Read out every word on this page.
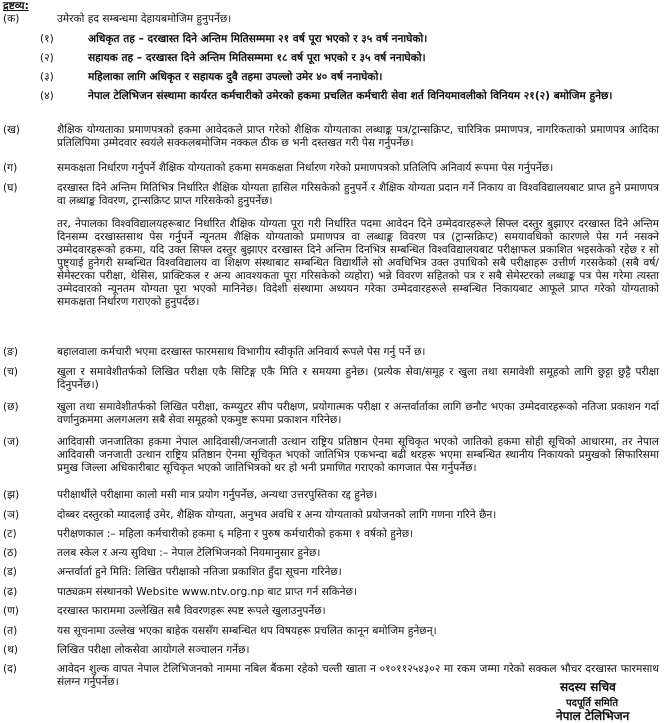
द्रष्टव्य:
(क)	उमेरको हद सम्बन्धमा देहायबमोजिम हुनुपर्नेछ।
(१)	अधिकृत तह – दरखास्त दिने अन्तिम मितिसम्ममा २१ वर्ष पूरा भएको र ३५ वर्ष ननाघेको।
(२)	सहायक तह – दरखास्त दिने अन्तिम मितिसम्ममा १८ वर्ष पूरा भएको र ३५ वर्ष ननाघेको।
(३)	महिलाका लागि अधिकृत र सहायक दुवै तहमा उपल्लो उमेर ४० वर्ष ननाघेको।
(४)	नेपाल टेलिभिजन संस्थामा कार्यरत कर्मचारीको उमेरको हकमा प्रचलित कर्मचारी सेवा शर्त विनियमावलीको विनियम २१(२) बमोजिम हुनेछ।
(ख)	शैक्षिक योग्यताका प्रमाणपत्रको हकमा आवेदकले प्राप्त गरेको शैक्षिक योग्यताका लब्धाङ्क पत्र/ट्रान्सक्रिप्ट, चारित्रिक प्रमाणपत्र, नागरिकताको प्रमाणपत्र आदिका प्रतिलिपिमा उम्मेदवार स्वयंले सक्कलबमोजिम नक्कल ठीक छ भनी दस्तखत गरी पेस गर्नुपर्नेछ।
(ग)	समकक्षता निर्धारण गर्नुपर्ने शैक्षिक योग्यताको हकमा समकक्षता निर्धारण गरेको प्रमाणपत्रको प्रतिलिपि अनिवार्य रूपमा पेस गर्नुपर्नेछ।
(घ)	दरखास्त दिने अन्तिम मितिभित्र निर्धारित शैक्षिक योग्यता हासिल गरिसकेको हुनुपर्ने र शैक्षिक योग्यता प्रदान गर्ने निकाय वा विश्वविद्यालयबाट प्राप्त हुने प्रमाणपत्र वा लब्धाङ्क विवरण, ट्रान्सक्रिप्ट प्राप्त गरिसकेको हुनुपर्नेछ।
तर, नेपालका विश्वविद्यालयहरूबाट निर्धारित शैक्षिक योग्यता पूरा गरी निर्धारित पदमा आवेदन दिने उम्मेदवारहरूले सिफ्ल दस्तुर बुझाएर दरखास्त दिने अन्तिम दिनसम्म दरखास्तसाथ पेस गर्नुपर्ने न्यूनतम शैक्षिक योग्यताको प्रमाणपत्र वा लब्धाङ्क विवरण पत्र (ट्रान्सक्रिप्ट) समयावधिको कारणले पेस गर्न नसक्ने उम्मेदवारहरूको हकमा, यदि उक्त सिफ्ल दस्तुर बुझाएर दरखास्त दिने अन्तिम दिनभित्र सम्बन्धित विश्वविद्यालयबाट परीक्षाफल प्रकाशित भइसकेको रहेछ र सो पुष्ट्याई हुनेगरी सम्बन्धित विश्वविद्यालय वा शिक्षण संस्थाबाट सम्बन्धित विद्यार्थीले सो अवधिभित्र उक्त उपाधिको सबै परीक्षाहरू उत्तीर्ण गरसकेको (सबै वर्ष/सेमेस्टरका परीक्षा, थेसिस, प्राक्टिकल र अन्य आवश्यकता पूरा गरिसकेको व्यहोरा) भन्ने विवरण सहितको पत्र र सबै सेमेस्टरको लब्धाङ्क पत्र पेस गरेमा त्यस्ता उम्मेदवारको न्यूनतम योग्यता पूरा भएको मानिनेछ। विदेशी संस्थामा अध्ययन गरेका उम्मेदवारहरूले सम्बन्धित निकायबाट आफूले प्राप्त गरेको योग्यताको समकक्षता निर्धारण गराएको हुनुपर्दछ।
(ङ)	बहालवाला कर्मचारी भएमा दरखास्त फारमसाथ विभागीय स्वीकृति अनिवार्य रूपले पेस गर्नु पर्ने छ।
(च)	खुला र समावेशीतर्फको लिखित परीक्षा एकै सिटिङ्ग एकै मिति र समयमा हुनेछ। (प्रत्येक सेवा/समूह र खुला तथा समावेशी समूहको लागि छुट्टा छुट्टै परीक्षा दिनुपर्नेछ।)
(छ)	खुला तथा समावेशीतर्फको लिखित परीक्षा, कम्प्युटर सीप परीक्षण, प्रयोगात्मक परीक्षा र अन्तर्वार्ताका लागि छनौट भएका उम्मेदवारहरूको नतिजा प्रकाशन गर्दा वर्णानुक्रममा अलगअलग सबै सेवा समूहको एकमुष्ट रूपमा प्रकाशन गरिनेछ।
(ज)	आदिवासी जनजातिका हकमा नेपाल आदिवासी/जनजाती उत्थान राष्ट्रिय प्रतिष्ठान ऐनमा सूचिकृत भएको जातिको हकमा सोही सूचिको आधारमा, तर नेपाल आदिवासी जनजाती उत्थान राष्ट्रिय प्रतिष्ठान ऐनमा सूचिकृत भएको जातिभित्र एकभन्दा बढी थरहरू भएमा सम्बन्धित स्थानीय निकायको प्रमुखको सिफारिसमा प्रमुख जिल्ला अधिकारीबाट सूचिकृत भएको जातिभित्रको थर हो भनी प्रमाणित गराएको कागजात पेस गर्नुपर्नेछ।
(झ)	परीक्षार्थीले परीक्षामा कालो मसी मात्र प्रयोग गर्नुपर्नेछ, अन्यथा उत्तरपुस्तिका रद्द हुनेछ।
(ञ)	दोब्बर दस्तुरको म्यादलाई उमेर, शैक्षिक योग्यता, अनुभव अवधि र अन्य योग्यताको प्रयोजनको लागि गणना गरिने छैन।
(ट)	परीक्षणकाल :– महिला कर्मचारीको हकमा ६ महिना र पुरुष कर्मचारीको हकमा १ वर्षको हुनेछ।
(ठ)	तलब स्केल र अन्य सुविधा :– नेपाल टेलिभिजनको नियमानुसार हुनेछ।
(ड)	अन्तर्वार्ता हुने मिति: लिखित परीक्षाको नतिजा प्रकाशित हुँदा सूचना गरिनेछ।
(ढ)	पाठ्यक्रम संस्थानको Website www.ntv.org.np बाट प्राप्त गर्न सकिनेछ।
(ण)	दरखास्त फाराममा उल्लेखित सबै विवरणहरू स्पष्ट रूपले खुलाउनुपर्नेछ।
(त)	यस सूचनामा उल्लेख भएका बाहेक यससँग सम्बन्धित थप विषयहरू प्रचलित कानून बमोजिम हुनेछन्।
(थ)	लिखित परीक्षा लोकसेवा आयोगले सञ्चालन गर्नेछ।
(द)	आवेदन शुल्क वापत नेपाल टेलिभिजनको नाममा नबिल बैंकमा रहेको चल्ती खाता न ०१०११२५४३०२ मा रकम जम्मा गरेको सक्कल भौचर दरखास्त फारमसाथ संलग्न गर्नुपर्नेछ।	सदस्य सचिव
पदपूर्ति समिति
नेपाल टेलिभिजन
